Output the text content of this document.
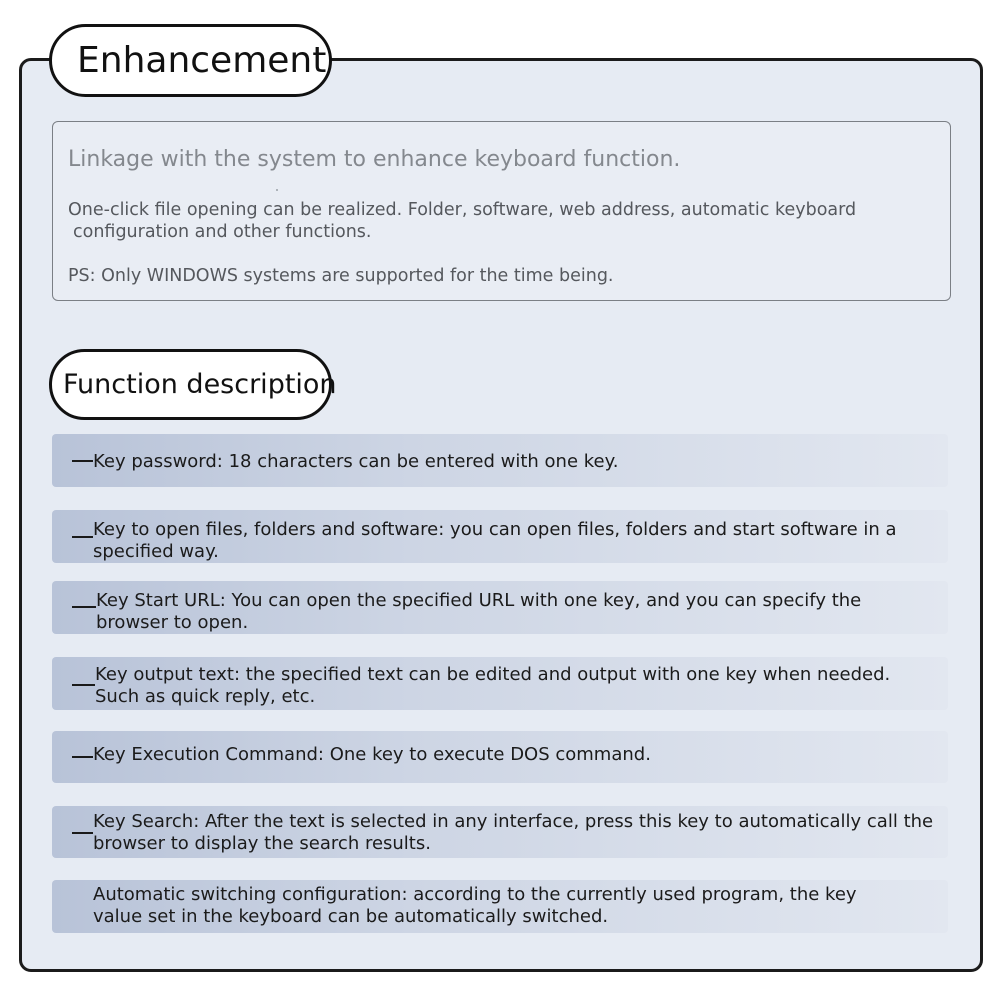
Enhancement
Linkage with the system to enhance keyboard function.
One-click file opening can be realized. Folder, software, web address, automatic keyboard
configuration and other functions.
PS: Only WINDOWS systems are supported for the time being.
Function description
Key password: 18 characters can be entered with one key.
Key to open files, folders and software: you can open files, folders and start software in a
specified way.
Key Start URL: You can open the specified URL with one key, and you can specify the
browser to open.
Key output text: the specified text can be edited and output with one key when needed.
Such as quick reply, etc.
Key Execution Command: One key to execute DOS command.
Key Search: After the text is selected in any interface, press this key to automatically call the
browser to display the search results.
Automatic switching configuration: according to the currently used program, the key
value set in the keyboard can be automatically switched.
